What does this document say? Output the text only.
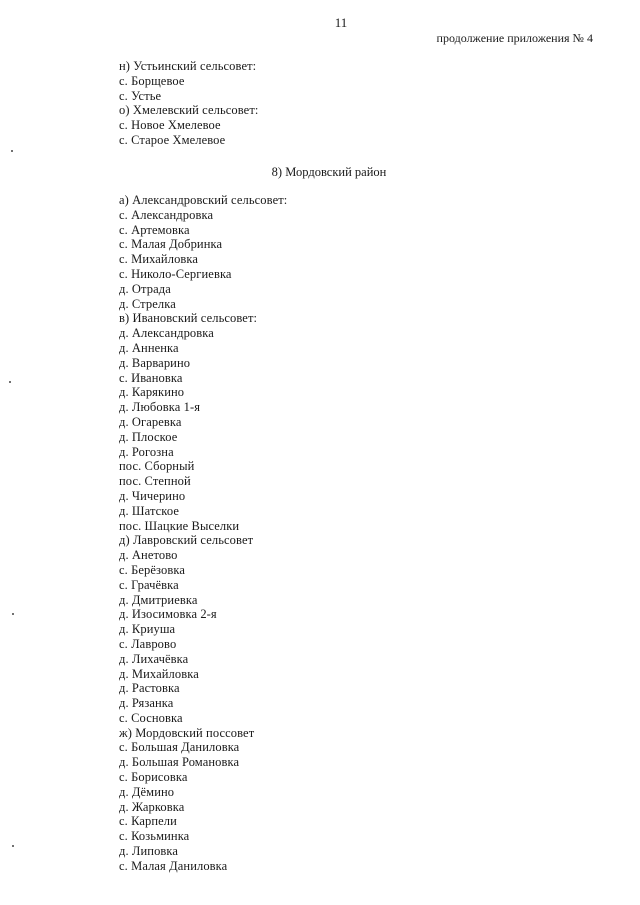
11
продолжение приложения № 4
н) Устьинский сельсовет:
с. Борщевое
с. Устье
о) Хмелевский сельсовет:
с. Новое Хмелевое
с. Старое Хмелевое
8) Мордовский район
а) Александровский сельсовет:
с. Александровка
с. Артемовка
с. Малая Добринка
с. Михайловка
с. Николо-Сергиевка
д. Отрада
д. Стрелка
в) Ивановский сельсовет:
д. Александровка
д. Анненка
д. Варварино
с. Ивановка
д. Карякино
д. Любовка 1-я
д. Огаревка
д. Плоское
д. Рогозна
пос. Сборный
пос. Степной
д. Чичерино
д. Шатское
пос. Шацкие Выселки
д) Лавровский сельсовет
д. Анетово
с. Берёзовка
с. Грачёвка
д. Дмитриевка
д. Изосимовка 2-я
д. Криуша
с. Лаврово
д. Лихачёвка
д. Михайловка
д. Растовка
д. Рязанка
с. Сосновка
ж) Мордовский поссовет
с. Большая Даниловка
д. Большая Романовка
с. Борисовка
д. Дёмино
д. Жарковка
с. Карпели
с. Козьминка
д. Липовка
с. Малая Даниловка
